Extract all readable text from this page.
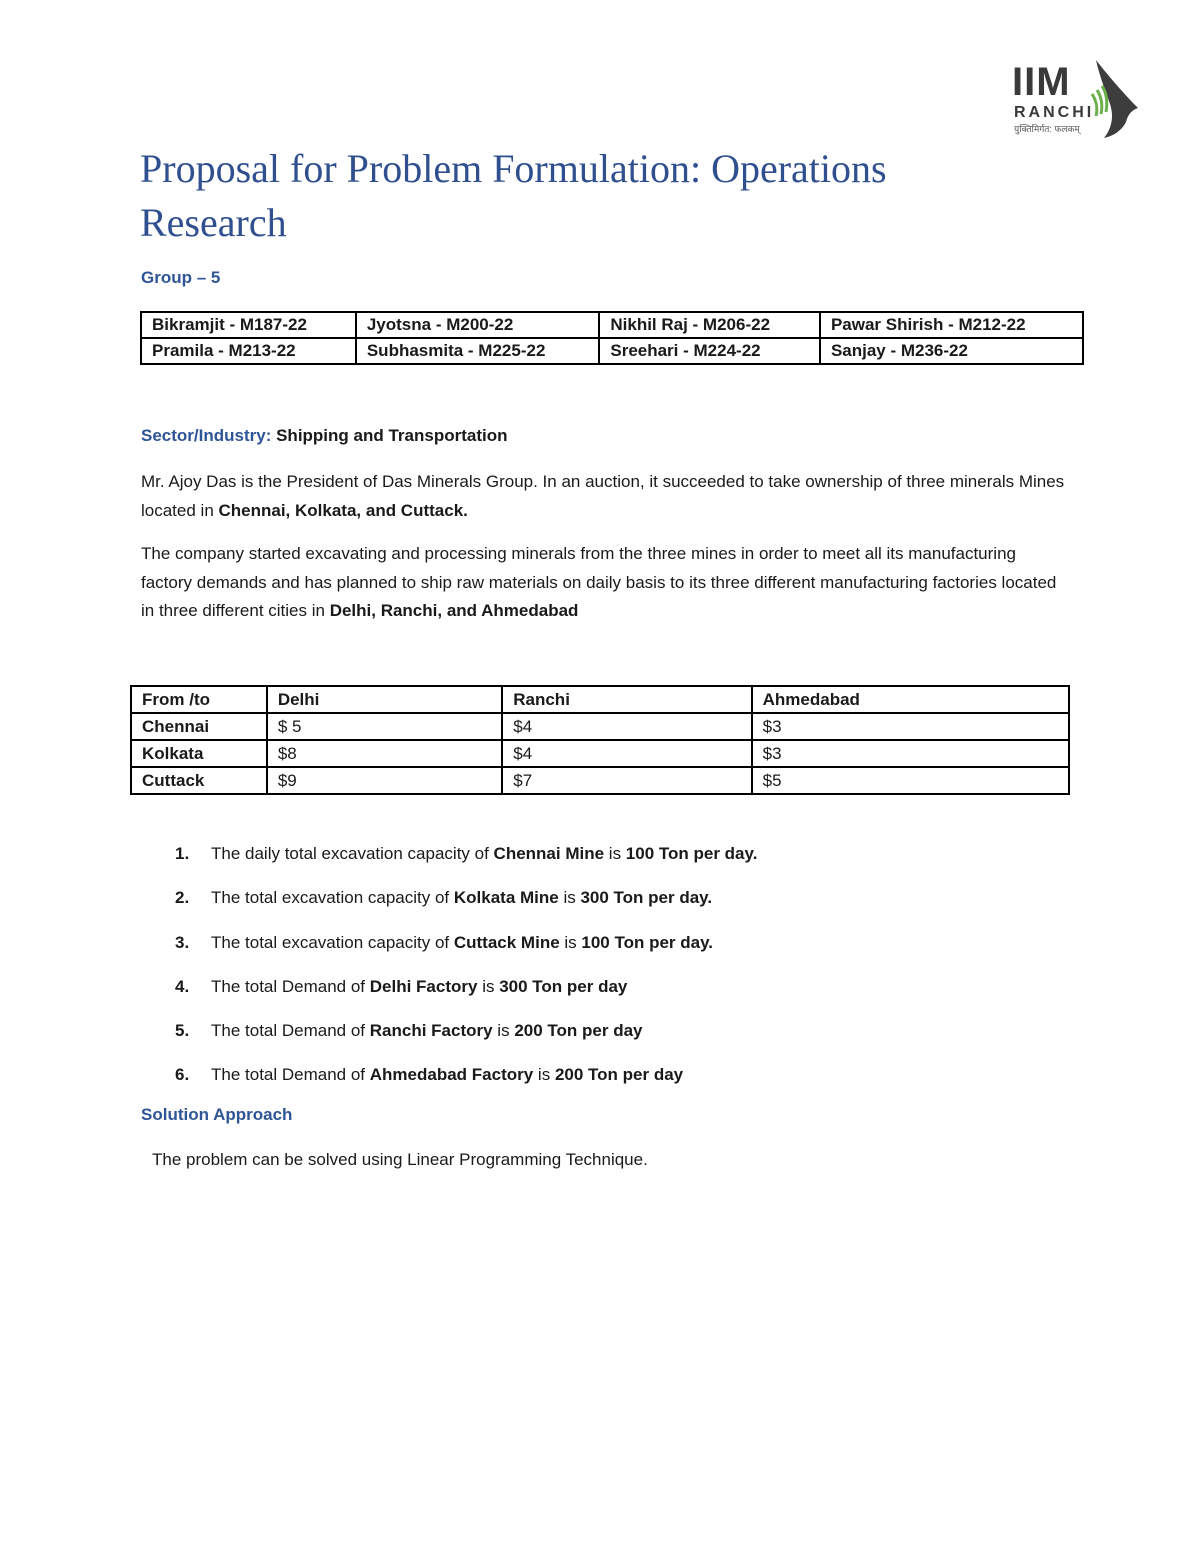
IIM
RANCHI
युक्तिमिर्गत: फलकम्
Proposal for Problem Formulation: Operations Research
Group – 5
Bikramjit - M187-22	Jyotsna - M200-22	Nikhil Raj - M206-22	Pawar Shirish - M212-22
Pramila - M213-22	Subhasmita - M225-22	Sreehari - M224-22	Sanjay - M236-22
Sector/Industry: Shipping and Transportation

Mr. Ajoy Das is the President of Das Minerals Group. In an auction, it succeeded to take ownership of three minerals Mines located in Chennai, Kolkata, and Cuttack.

The company started excavating and processing minerals from the three mines in order to meet all its manufacturing factory demands and has planned to ship raw materials on daily basis to its three different manufacturing factories located in three different cities in Delhi, Ranchi, and Ahmedabad

From /to	Delhi	Ranchi	Ahmedabad
Chennai	$ 5	$4	$3
Kolkata	$8	$4	$3
Cuttack	$9	$7	$5
1. The daily total excavation capacity of Chennai Mine is 100 Ton per day.
2. The total excavation capacity of Kolkata Mine is 300 Ton per day.
3. The total excavation capacity of Cuttack Mine is 100 Ton per day.
4. The total Demand of Delhi Factory is 300 Ton per day
5. The total Demand of Ranchi Factory is 200 Ton per day
6. The total Demand of Ahmedabad Factory is 200 Ton per day
Solution Approach
The problem can be solved using Linear Programming Technique.
